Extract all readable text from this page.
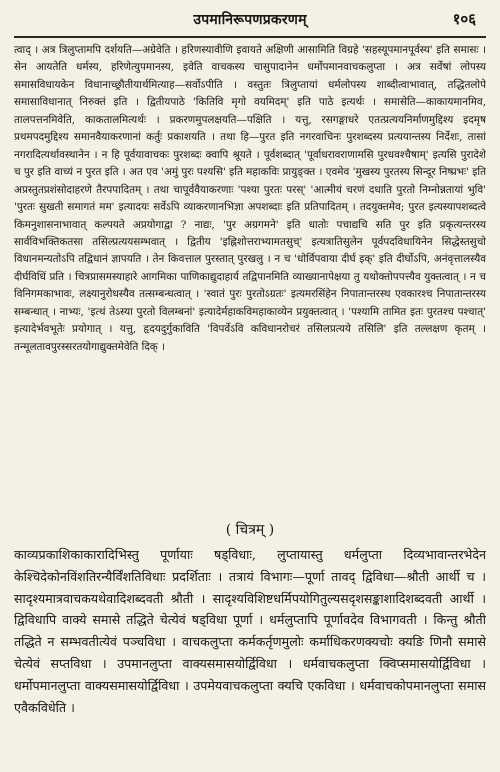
उपमानिरूपणप्रकरणम्	१०६
त्वाद् । अत्र त्रिलुप्तामपि दर्शयति—अग्रेवेति । हरिणस्यावीणि इवायते अक्षिणी आसामिति विग्रहे 'सहस्यूपमानपूर्वस्य' इति समासः । सेन आयतेति धर्मस्य, हरिणेत्युपमानस्य, इवेति वाचकस्य चासुपादानेन धर्मोपमानवाचकलुप्ता । अत्र सर्वेषां लोपस्य समासविधायकेन विधानाच्छ्रौतीयार्थमित्याह—सर्वोऽपीति । वस्तुतः त्रिलुप्तायां धर्मलोपस्य शाब्दीत्वाभावात्, तद्धितलोपे समासाविधानात् निरुक्तं इति । द्वितीयपाठे 'कितिवि मृगो वयमिदम्' इति पाठे इत्यर्थः । समासेति—काकायमानमिव, तालपत्तनमिवेति, काकतालमित्यर्थः । प्रकरणमुपलक्षयति—पक्षिति । यत्तु, रसगङ्गाधरे एतत्प्रत्ययनिर्माणमुद्दिश्य इदमृष प्रथमपदमुद्दिश्य समानवैयाकरणानां कर्तुः प्रकाशयति । तथा हि—पुरत इति नगरवाचिनः पुरशब्दस्य प्रत्ययान्तस्य निर्देशः, तासां नगरादित्यर्थावस्थानेन । न हि पूर्वयावाचकः पुरशब्दः क्वापि श्रूयते । पूर्वशब्दात् 'पूर्वाधरावराणामसि पुरधवश्चैषाम्' इत्यसि पुरादेशे च पुर इति वाच्यं न पुरत इति । अत एव 'अमुं पुरः पश्यसि' इति महाकविः प्रायुङ्क्त । एवमेव 'मुखस्य पुरतस्य सिन्दूर निष्प्रभः' इति अप्रस्तुतप्रशंसोदाहरणे तैरपपादितम् । तथा चापूर्ववैयाकरणाः 'पश्या पुरतः परस्' 'आत्मीयं चरणं दधाति पुरतो निम्नोन्नतायां भुवि' 'पुरतः सुखती समागतं मम' इत्यादयः सर्वेऽपि व्याकरणानभिज्ञा अपशब्दाः इति प्रतिपादितम् । तदयुक्तमेव; पुरत इत्यस्यापशब्दत्वे किमनुशासनाभावात् कल्पयते अप्रयोगाद्वा ? नाद्यः, 'पुर अग्रगमने' इति धातोः पचाद्यचि सति पुर इति प्रकृत्यन्तरस्य सार्वविभक्तिकतसा तसिल्प्रत्ययसम्भवात् । द्वितीय 'इह्निशोत्तराभ्यामतसुच्' इत्यत्रातिसुलेन पूर्वपदविधायिनेन सिद्धेस्तसुचो विधानमन्यतोऽपि तद्विधानं ज्ञापयति । तेन किवत्ताल पुरस्तात् पुरखलु । न च 'धोर्विपवाया दीर्घ इक्' इति दीर्घोऽपि, अनंवृत्तालस्यैव दीर्घविधिं प्रति । चित्रप्रासमस्याहारे आगमिका पाणिकाद्युदाहार्य तद्विपानमिति व्याख्यानापेक्षया तु यथोक्तोपपत्त्यैव युक्तत्वात् । न च विनिगमकाभावः, लक्ष्यानुरोधस्यैव तत्सम्बन्धत्वात् । 'स्वातं पुरः पुरतोऽग्रतः' इत्यमरसिंहेन निपातान्तरस्थ एवकारश्च निपातान्तरस्य सम्बन्धात् । नाभ्यः, 'इत्थं तेऽस्या पुरतो विलम्बनां' इत्यादेर्महाकविमहाकाव्येन प्रयुक्तत्वात् । 'पश्यामि तामित इतः पुरतश्च पश्चात्' इत्यादेर्भवभूतेः प्रयोगात् । यत्तु, हृदयदुर्गुकाविति 'विपर्वेऽवि कविधानरोचरं तसिलप्रत्यये तसिलि' इति तल्लक्षण कृतम् । तन्मूलतावपुरस्सरतयोगाद्युक्तमेवेति दिक् ।
( चित्रम् )
काव्यप्रकाशिकाकारादिभिस्तु पूर्णायाः षड्विधाः, लुप्तायास्तु धर्मलुप्ता दिव्यभावान्तरभेदेन केश्चिदेकोनविंशतिरन्यैर्विंशतिविधाः प्रदर्शिताः । तत्रायं विभागः—पूर्णा तावद् द्विविधा—श्रौती आर्थी च । सादृश्यमात्रवाचकयथेवादिशब्दवती श्रौती । सादृश्यविशिष्टधर्मिपयोगितुल्यसदृशसङ्काशादिशब्दवती आर्थी । द्विविधापि वाक्ये समासे तद्धिते चेत्येवं षड्विधा पूर्णा । धर्मलुप्तापि पूर्णावदेव विभागवती । किन्तु श्रौती तद्धिते न सम्भवतीत्येवं पञ्चविधा । वाचकलुप्ता कर्मकर्तृणमुलोः कर्माधिकरणक्यचोः क्यङि णिनौ समासे चेत्येवं सप्तविधा । उपमानलुप्ता वाक्यसमासयोर्द्विविधा । धर्मवाचकलुप्ता क्विप्समासयोर्द्विविधा । धर्मोपमानलुप्ता वाक्यसमासयोर्द्विविधा । उपमेयवाचकलुप्ता क्यचि एकविधा । धर्मवाचकोपमानलुप्ता समास एवैकविधेति ।
